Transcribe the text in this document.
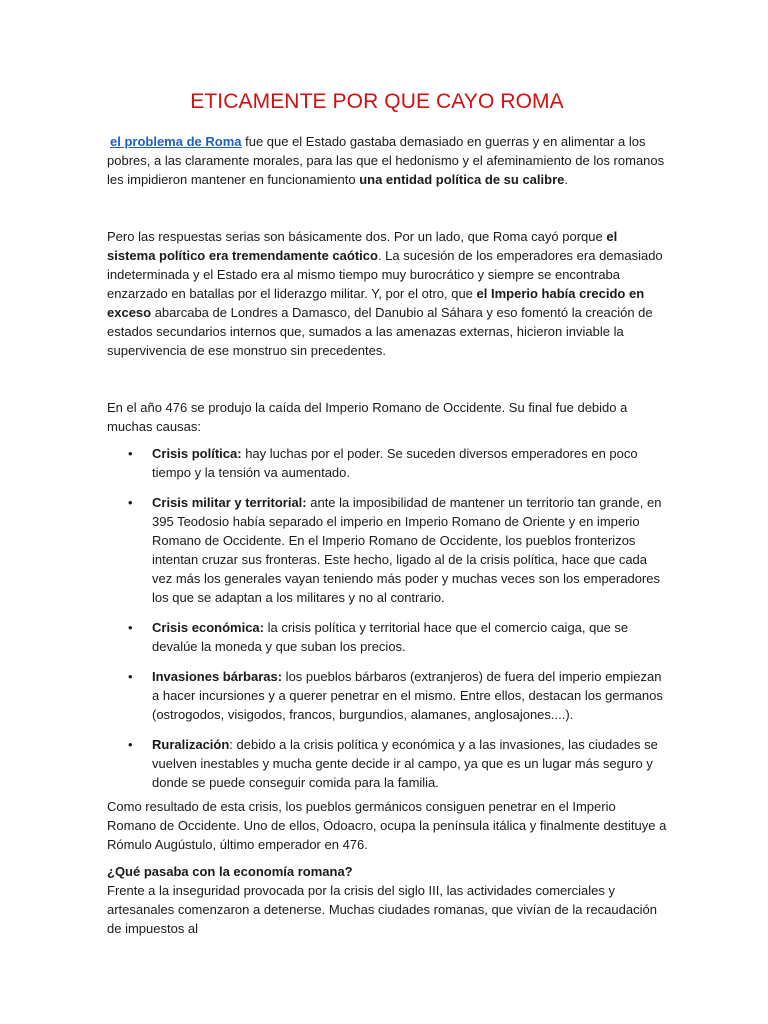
ETICAMENTE POR QUE CAYO ROMA
el problema de Roma fue que el Estado gastaba demasiado en guerras y en alimentar a los pobres, a las claramente morales, para las que el hedonismo y el afeminamiento de los romanos les impidieron mantener en funcionamiento una entidad política de su calibre.
Pero las respuestas serias son básicamente dos. Por un lado, que Roma cayó porque el sistema político era tremendamente caótico. La sucesión de los emperadores era demasiado indeterminada y el Estado era al mismo tiempo muy burocrático y siempre se encontraba enzarzado en batallas por el liderazgo militar. Y, por el otro, que el Imperio había crecido en exceso abarcaba de Londres a Damasco, del Danubio al Sáhara y eso fomentó la creación de estados secundarios internos que, sumados a las amenazas externas, hicieron inviable la supervivencia de ese monstruo sin precedentes.
En el año 476 se produjo la caída del Imperio Romano de Occidente. Su final fue debido a muchas causas:
• Crisis política: hay luchas por el poder. Se suceden diversos emperadores en poco tiempo y la tensión va aumentado.
• Crisis militar y territorial: ante la imposibilidad de mantener un territorio tan grande, en 395 Teodosio había separado el imperio en Imperio Romano de Oriente y en imperio Romano de Occidente. En el Imperio Romano de Occidente, los pueblos fronterizos intentan cruzar sus fronteras. Este hecho, ligado al de la crisis política, hace que cada vez más los generales vayan teniendo más poder y muchas veces son los emperadores los que se adaptan a los militares y no al contrario.
• Crisis económica: la crisis política y territorial hace que el comercio caiga, que se devalúe la moneda y que suban los precios.
• Invasiones bárbaras: los pueblos bárbaros (extranjeros) de fuera del imperio empiezan a hacer incursiones y a querer penetrar en el mismo. Entre ellos, destacan los germanos (ostrogodos, visigodos, francos, burgundios, alamanes, anglosajones....).
• Ruralización: debido a la crisis política y económica y a las invasiones, las ciudades se vuelven inestables y mucha gente decide ir al campo, ya que es un lugar más seguro y donde se puede conseguir comida para la familia.
Como resultado de esta crisis, los pueblos germánicos consiguen penetrar en el Imperio Romano de Occidente. Uno de ellos, Odoacro, ocupa la península itálica y finalmente destituye a Rómulo Augústulo, último emperador en 476.
¿Qué pasaba con la economía romana?
Frente a la inseguridad provocada por la crisis del siglo III, las actividades comerciales y artesanales comenzaron a detenerse. Muchas ciudades romanas, que vivían de la recaudación de impuestos al
